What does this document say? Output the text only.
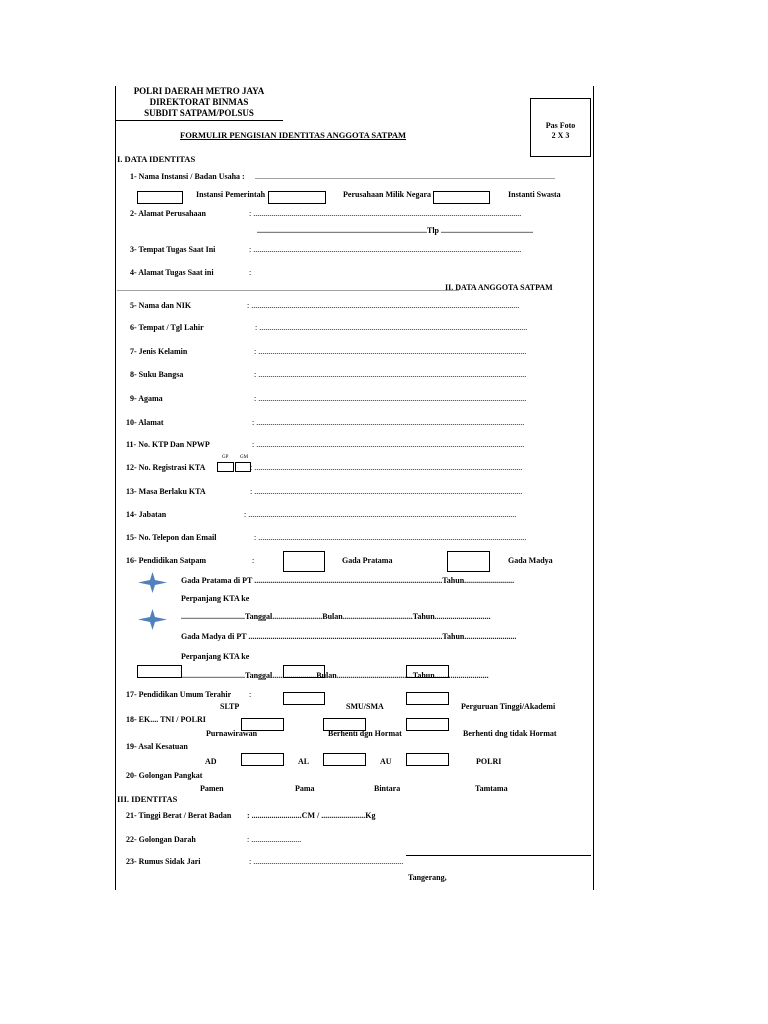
POLRI DAERAH METRO JAYA
DIREKTORAT BINMAS
SUBDIT SATPAM/POLSUS
FORMULIR PENGISIAN IDENTITAS ANGGOTA SATPAM
Pas Foto
2 X 3
I. DATA IDENTITAS
1- Nama Instansi / Badan Usaha : ......................................................................................................................................................
Instansi Pemerintah	Perusahaan Milik Negara	Instanti Swasta
2- Alamat Perusahaan	: ......................................................................................................................................
.....................................................................................Tlp ..............................................
3- Tempat Tugas Saat Ini	: ......................................................................................................................................
4- Alamat Tugas Saat ini	:
...........................................................................................................................................................................
II. DATA ANGGOTA SATPAM
5- Nama dan NIK	: ......................................................................................................................................
6- Tempat / Tgl Lahir	: ......................................................................................................................................
7- Jenis Kelamin	: ......................................................................................................................................
8- Suku Bangsa	: ......................................................................................................................................
9- Agama	: ......................................................................................................................................
10- Alamat	: ......................................................................................................................................
11- No. KTP Dan NPWP	: ......................................................................................................................................
GP GM
12- No. Registrasi KTA	: ......................................................................................................................................
13- Masa Berlaku KTA	: ......................................................................................................................................
14- Jabatan	: ......................................................................................................................................
15- No. Telepon dan Email	: ......................................................................................................................................
16- Pendidikan Satpam	:	Gada Pratama	Gada Madya
Gada Pratama di PT ..............................................................................................Tahun.........................
Perpanjang KTA ke
................................Tanggal.........................Bulan...................................Tahun............................
Gada Madya di PT .................................................................................................Tahun..........................
Perpanjang KTA ke
................................Tanggal......................Bulan......................................Tahun...........................
17- Pendidikan Umum Terahir :
SLTP	SMU/SMA	Perguruan Tinggi/Akademi
18- EK.... TNI / POLRI
Purnawirawan	Berhenti dgn Hormat	Berhenti dng tidak Hormat
19- Asal Kesatuan
AD	AL	AU	POLRI
20- Golongan Pangkat
Pamen	Pama	Bintara	Tamtama
III. IDENTITAS
21- Tinggi Berat / Berat Badan : .........................CM / ......................Kg
22- Golongan Darah	: .........................
23- Rumus Sidak Jari	: ...........................................................................
Tangerang,
